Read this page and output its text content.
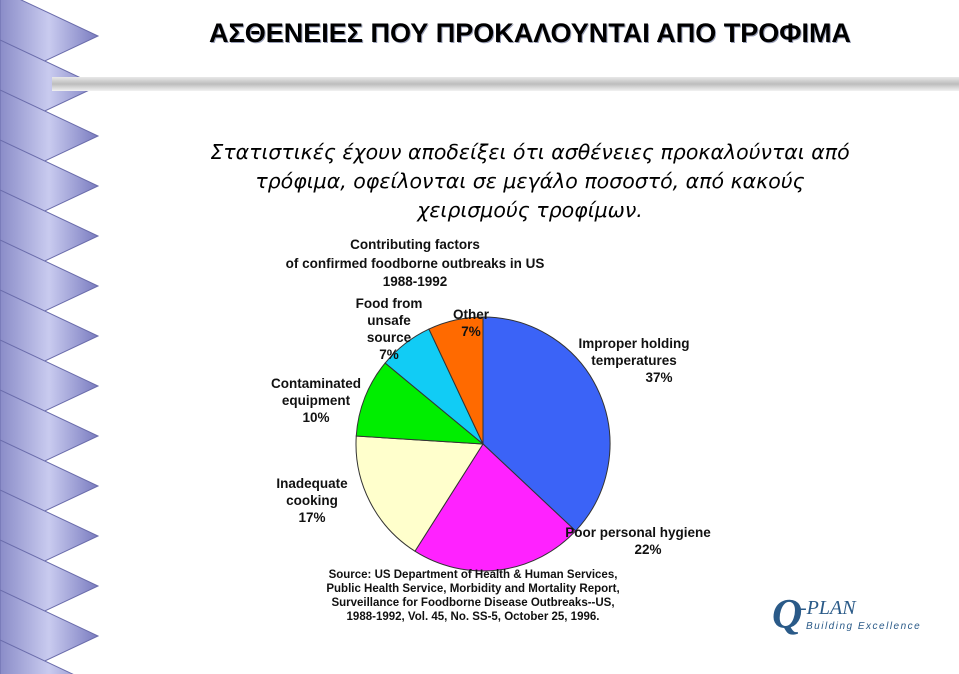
ΑΣΘΕΝΕΙΕΣ ΠΟΥ ΠΡΟΚΑΛΟΥΝΤΑΙ ΑΠΟ ΤΡΟΦΙΜΑ

Στατιστικές έχουν αποδείξει ότι ασθένειες προκαλούνται από
τρόφιμα, οφείλονται σε μεγάλο ποσοστό, από κακούς
χειρισμούς τροφίμων.

Contributing factors
of confirmed foodborne outbreaks in US
1988-1992
Improper holding
temperatures
37%
Poor personal hygiene
22%
Inadequate
cooking
17%
Contaminated
equipment
10%
Food from
unsafe
source
7%
Other
7%
Source: US Department of Health & Human Services,
Public Health Service, Morbidity and Mortality Report,
Surveillance for Foodborne Disease Outbreaks--US,
1988-1992, Vol. 45, No. SS-5, October 25, 1996.	Q
-PLAN
Building Excellence
